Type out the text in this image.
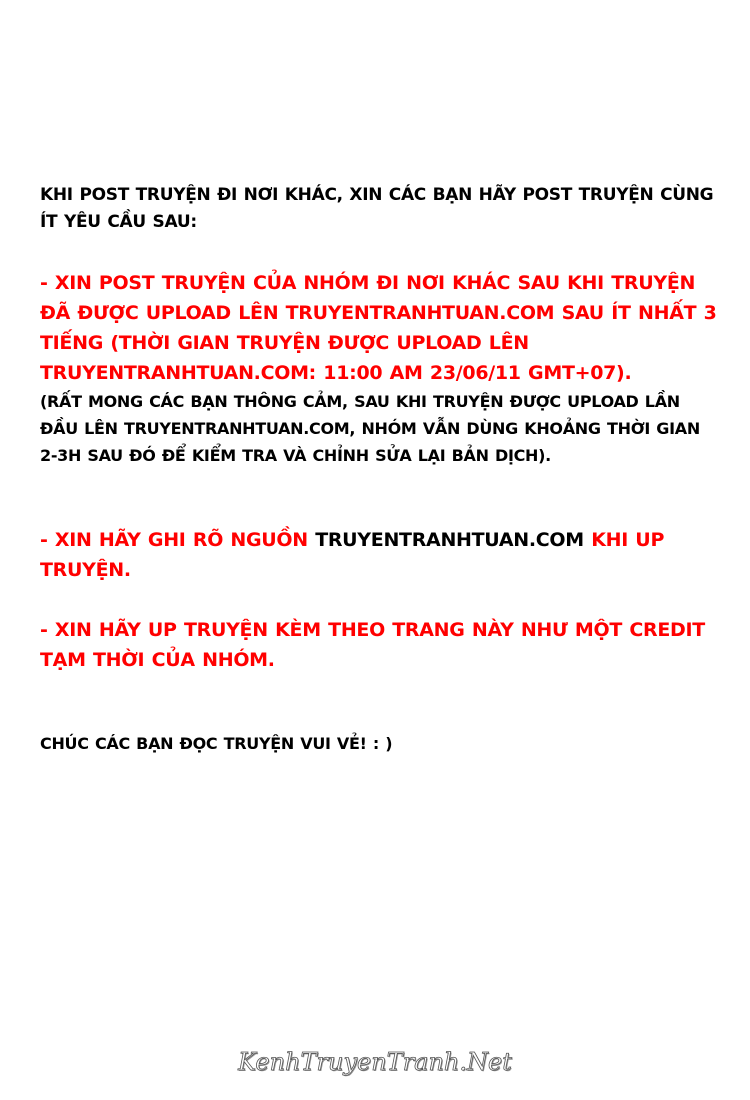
KHI POST TRUYỆN ĐI NƠI KHÁC, XIN CÁC BẠN HÃY POST TRUYỆN CÙNG ÍT YÊU CẦU SAU:

- XIN POST TRUYỆN CỦA NHÓM ĐI NƠI KHÁC SAU KHI TRUYỆN ĐÃ ĐƯỢC UPLOAD LÊN TRUYENTRANHTUAN.COM SAU ÍT NHẤT 3 TIẾNG (THỜI GIAN TRUYỆN ĐƯỢC UPLOAD LÊN TRUYENTRANHTUAN.COM: 11:00 AM 23/06/11 GMT+07).
(RẤT MONG CÁC BẠN THÔNG CẢM, SAU KHI TRUYỆN ĐƯỢC UPLOAD LẦN ĐẦU LÊN TRUYENTRANHTUAN.COM, NHÓM VẪN DÙNG KHOẢNG THỜI GIAN 2-3H SAU ĐÓ ĐỂ KIỂM TRA VÀ CHỈNH SỬA LẠI BẢN DỊCH).

- XIN HÃY GHI RÕ NGUỒN TRUYENTRANHTUAN.COM KHI UP TRUYỆN.

- XIN HÃY UP TRUYỆN KÈM THEO TRANG NÀY NHƯ MỘT CREDIT TẠM THỜI CỦA NHÓM.

CHÚC CÁC BẠN ĐỌC TRUYỆN VUI VẺ! : )

KenhTruyenTranh.Net
